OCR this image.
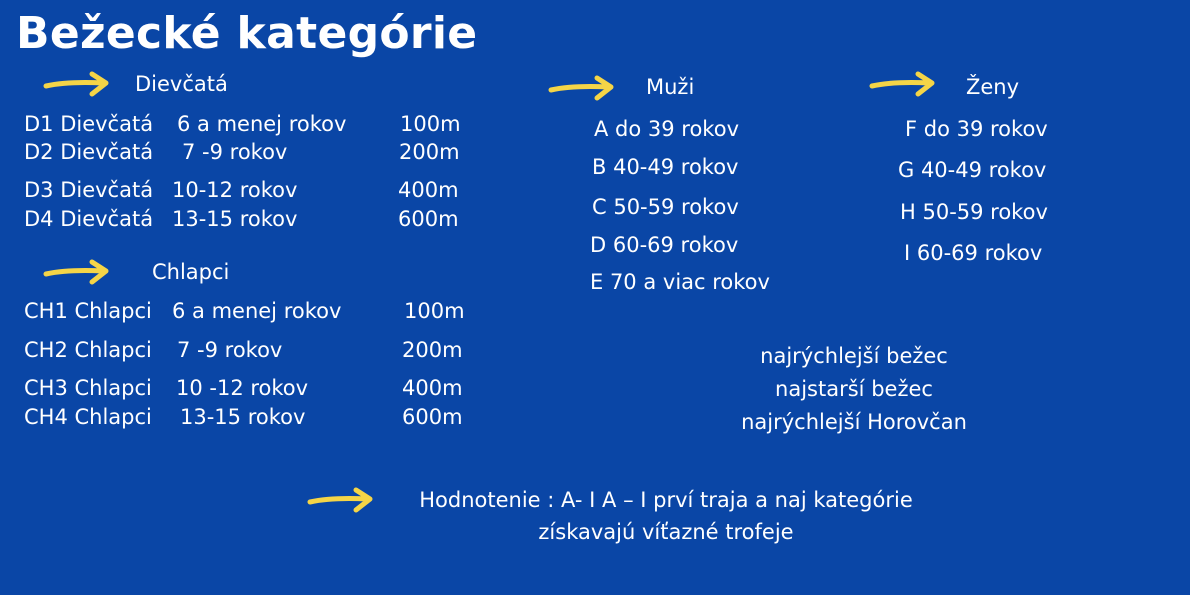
Bežecké kategórie
Dievčatá
D1 Dievčatá 6 a menej rokov	100m
D2 Dievčatá 7 -9 rokov	200m
D3 Dievčatá 10-12 rokov	400m
D4 Dievčatá 13-15 rokov	600m
Chlapci
CH1 Chlapci 6 a menej rokov	100m
CH2 Chlapci 7 -9 rokov	200m
CH3 Chlapci 10 -12 rokov	400m
CH4 Chlapci 13-15 rokov	600m
Muži
A do 39 rokov
B 40-49 rokov
C 50-59 rokov
D 60-69 rokov
E 70 a viac rokov
Ženy
F do 39 rokov
G 40-49 rokov
H 50-59 rokov
I 60-69 rokov
najrýchlejší bežec
najstarší bežec
najrýchlejší Horovčan
Hodnotenie : A- I A – I prví traja a naj kategórie
získavajú víťazné trofeje
